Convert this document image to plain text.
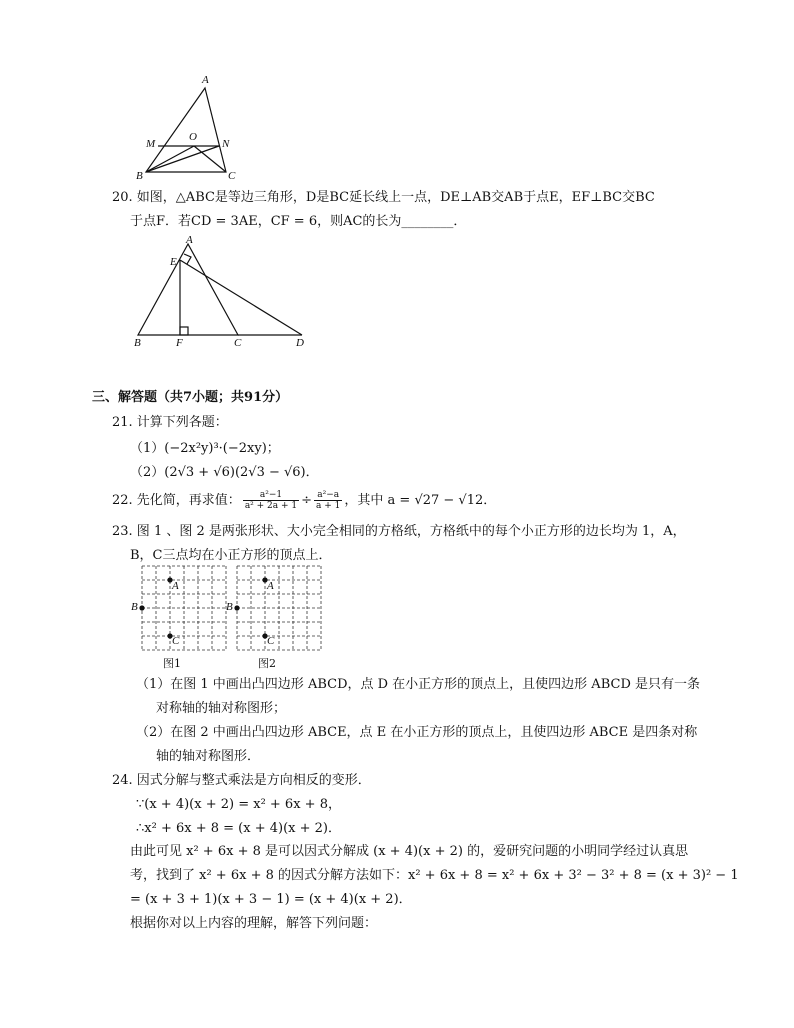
A
O
M	N
B	C
20. 如图，△ABC是等边三角形，D是BC延长线上一点，DE⊥AB交AB于点E，EF⊥BC交BC
于点F．若CD = 3AE，CF = 6，则AC的长为________．
A
E
B	F	C	D
三、解答题（共7小题；共91分）
21. 计算下列各题：
（1）(−2x²y)³·(−2xy)；
（2）(2√3 + √6)(2√3 − √6)．
22. 先化简，再求值： $\frac{\text{a²−1}}{\text{a² + 2a + 1}} \div \frac{\text{a²−a}}{a + 1}$ ，其中 a = √27 − √12．
23. 图 1 、图 2 是两张形状、大小完全相同的方格纸，方格纸中的每个小正方形的边长均为 1，A，
B，C三点均在小正方形的顶点上．
A
B
C
A
B
C
图1	图2
（1）在图 1 中画出凸四边形 ABCD，点 D 在小正方形的顶点上，且使四边形 ABCD 是只有一条
对称轴的轴对称图形；
（2）在图 2 中画出凸四边形 ABCE，点 E 在小正方形的顶点上，且使四边形 ABCE 是四条对称
轴的轴对称图形．
24. 因式分解与整式乘法是方向相反的变形．
∵(x + 4)(x + 2) = x² + 6x + 8，
∴x² + 6x + 8 = (x + 4)(x + 2)．
由此可见 x² + 6x + 8 是可以因式分解成 (x + 4)(x + 2) 的，爱研究问题的小明同学经过认真思
考，找到了 x² + 6x + 8 的因式分解方法如下：x² + 6x + 8 = x² + 6x + 3² − 3² + 8 = (x + 3)² − 1
= (x + 3 + 1)(x + 3 − 1) = (x + 4)(x + 2)．
根据你对以上内容的理解，解答下列问题：
